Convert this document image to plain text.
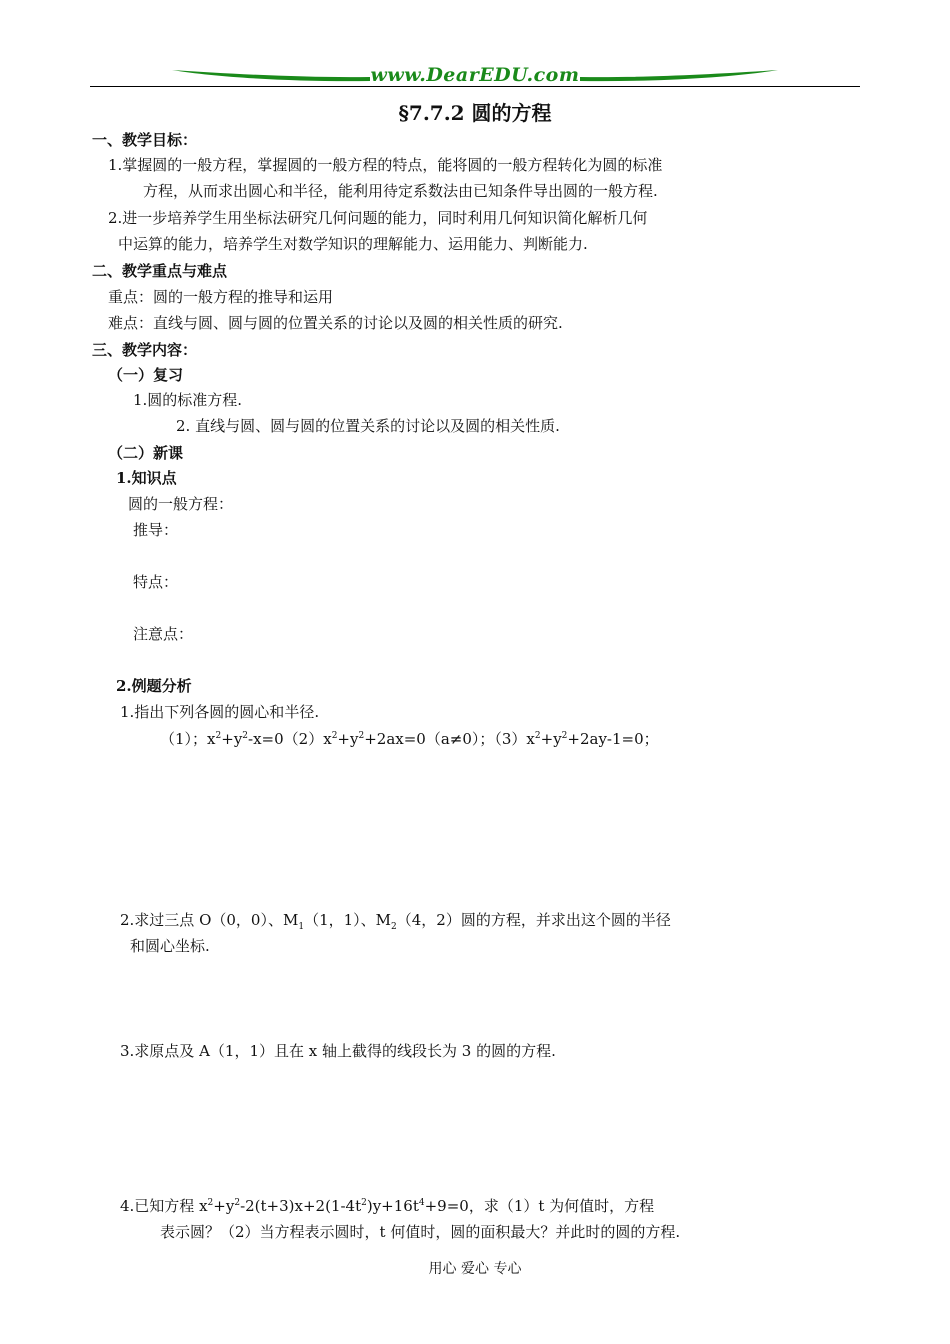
www.DearEDU.com
§7.7.2 圆的方程
一、教学目标：
1.掌握圆的一般方程，掌握圆的一般方程的特点，能将圆的一般方程转化为圆的标准
方程，从而求出圆心和半径，能利用待定系数法由已知条件导出圆的一般方程.
2.进一步培养学生用坐标法研究几何问题的能力，同时利用几何知识简化解析几何
中运算的能力，培养学生对数学知识的理解能力、运用能力、判断能力.
二、教学重点与难点
重点：圆的一般方程的推导和运用
难点：直线与圆、圆与圆的位置关系的讨论以及圆的相关性质的研究.
三、教学内容：
（一）复习
1.圆的标准方程.
2. 直线与圆、圆与圆的位置关系的讨论以及圆的相关性质.
（二）新课
1.知识点
圆的一般方程：
推导：
特点：
注意点：
2.例题分析
1.指出下列各圆的圆心和半径.
（1）；$x^2+y^2-x=0(2)x^2+y^2+2ax=0(a\ne 0)$；$(3)x^2+y^2+2ay-1=0$；
2.求过三点 O（0，0）、$M_1(1$，1）、$M_2(4$，2）圆的方程，并求出这个圆的半径
和圆心坐标.
3.求原点及 A（1，1）且在 x 轴上截得的线段长为 3 的圆的方程.
4.已知方程 $x^2+y^2-2(t+3)x+2(1-4t^2)y+16t^4+9=0$，求（1）t 为何值时，方程
表示圆？（2）当方程表示圆时，t 何值时，圆的面积最大？并此时的圆的方程.
用心 爱心 专心
